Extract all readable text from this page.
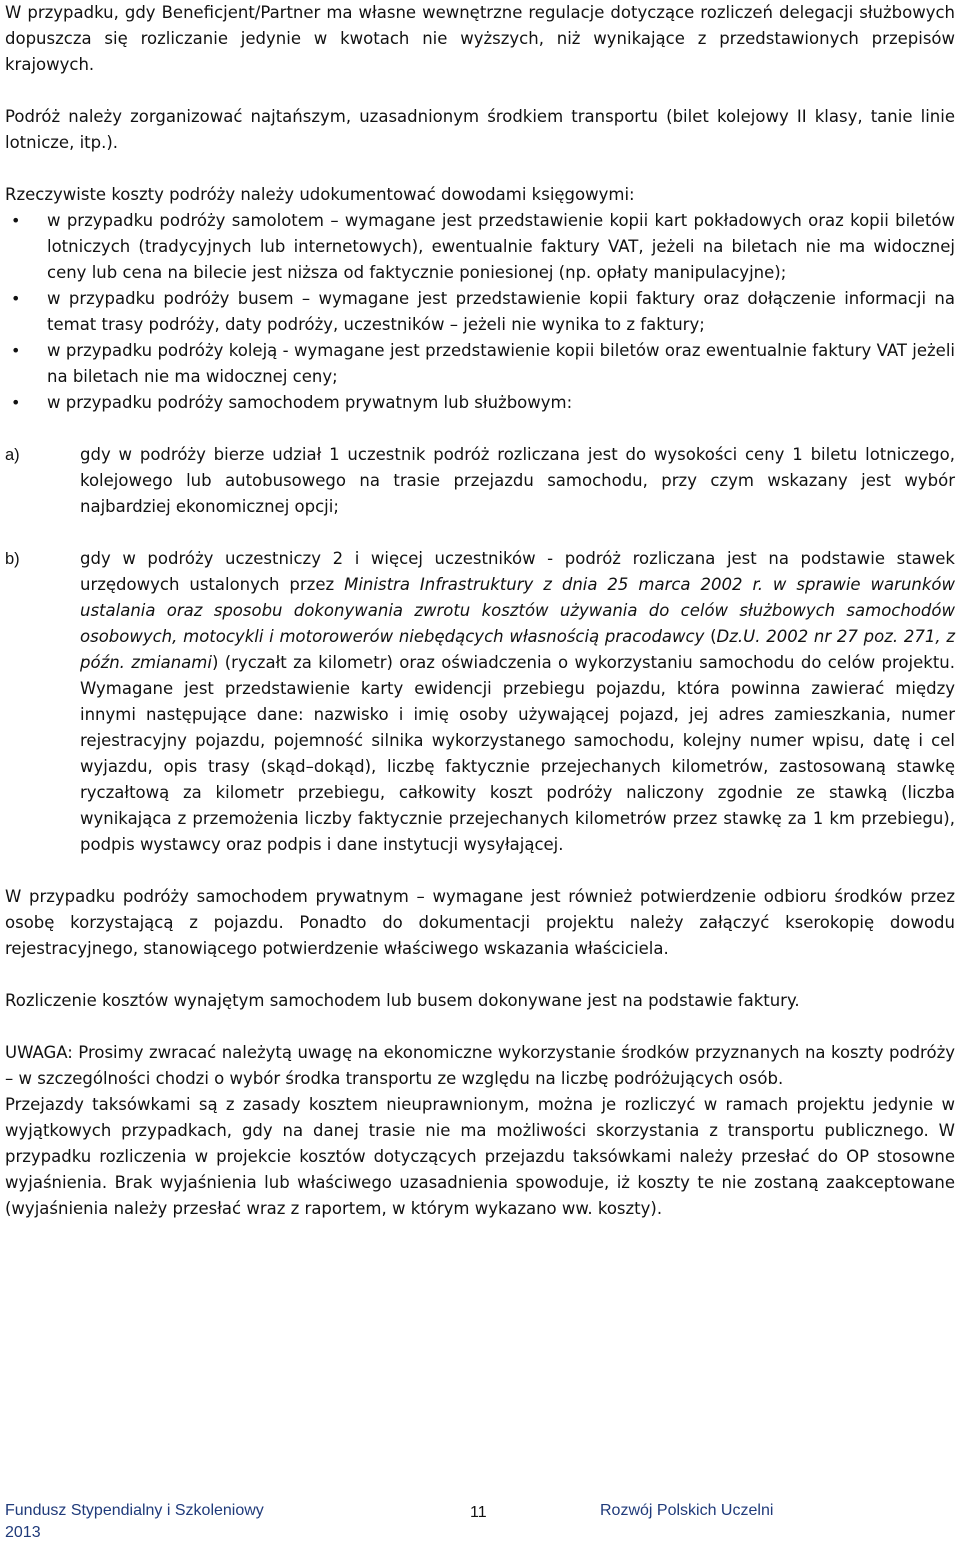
W przypadku, gdy Beneficjent/Partner ma własne wewnętrzne regulacje dotyczące rozliczeń delegacji służbowych dopuszcza się rozliczanie jedynie w kwotach nie wyższych, niż wynikające z przedstawionych przepisów krajowych.

Podróż należy zorganizować najtańszym, uzasadnionym środkiem transportu (bilet kolejowy II klasy, tanie linie lotnicze, itp.).

Rzeczywiste koszty podróży należy udokumentować dowodami księgowymi:

• w przypadku podróży samolotem – wymagane jest przedstawienie kopii kart pokładowych oraz kopii biletów lotniczych (tradycyjnych lub internetowych), ewentualnie faktury VAT, jeżeli na biletach nie ma widocznej ceny lub cena na bilecie jest niższa od faktycznie poniesionej (np. opłaty manipulacyjne);
• w przypadku podróży busem – wymagane jest przedstawienie kopii faktury oraz dołączenie informacji na temat trasy podróży, daty podróży, uczestników – jeżeli nie wynika to z faktury;
• w przypadku podróży koleją - wymagane jest przedstawienie kopii biletów oraz ewentualnie faktury VAT jeżeli na biletach nie ma widocznej ceny;
• w przypadku podróży samochodem prywatnym lub służbowym:
a)	gdy w podróży bierze udział 1 uczestnik podróż rozliczana jest do wysokości ceny 1 biletu lotniczego, kolejowego lub autobusowego na trasie przejazdu samochodu, przy czym wskazany jest wybór najbardziej ekonomicznej opcji;
b)	gdy w podróży uczestniczy 2 i więcej uczestników - podróż rozliczana jest na podstawie stawek urzędowych ustalonych przez Ministra Infrastruktury z dnia 25 marca 2002 r. w sprawie warunków ustalania oraz sposobu dokonywania zwrotu kosztów używania do celów służbowych samochodów osobowych, motocykli i motorowerów niebędących własnością pracodawcy (Dz.U. 2002 nr 27 poz. 271, z późn. zmianami) (ryczałt za kilometr) oraz oświadczenia o wykorzystaniu samochodu do celów projektu. Wymagane jest przedstawienie karty ewidencji przebiegu pojazdu, która powinna zawierać między innymi następujące dane: nazwisko i imię osoby używającej pojazd, jej adres zamieszkania, numer rejestracyjny pojazdu, pojemność silnika wykorzystanego samochodu, kolejny numer wpisu, datę i cel wyjazdu, opis trasy (skąd–dokąd), liczbę faktycznie przejechanych kilometrów, zastosowaną stawkę ryczałtową za kilometr przebiegu, całkowity koszt podróży naliczony zgodnie ze stawką (liczba wynikająca z przemożenia liczby faktycznie przejechanych kilometrów przez stawkę za 1 km przebiegu), podpis wystawcy oraz podpis i dane instytucji wysyłającej.

W przypadku podróży samochodem prywatnym – wymagane jest również potwierdzenie odbioru środków przez osobę korzystającą z pojazdu. Ponadto do dokumentacji projektu należy załączyć kserokopię dowodu rejestracyjnego, stanowiącego potwierdzenie właściwego wskazania właściciela.

Rozliczenie kosztów wynajętym samochodem lub busem dokonywane jest na podstawie faktury.

UWAGA: Prosimy zwracać należytą uwagę na ekonomiczne wykorzystanie środków przyznanych na koszty podróży – w szczególności chodzi o wybór środka transportu ze względu na liczbę podróżujących osób.

Przejazdy taksówkami są z zasady kosztem nieuprawnionym, można je rozliczyć w ramach projektu jedynie w wyjątkowych przypadkach, gdy na danej trasie nie ma możliwości skorzystania z transportu publicznego. W przypadku rozliczenia w projekcie kosztów dotyczących przejazdu taksówkami należy przesłać do OP stosowne wyjaśnienia. Brak wyjaśnienia lub właściwego uzasadnienia spowoduje, iż koszty te nie zostaną zaakceptowane (wyjaśnienia należy przesłać wraz z raportem, w którym wykazano ww. koszty).

Fundusz Stypendialny i Szkoleniowy
2013
11	Rozwój Polskich Uczelni
